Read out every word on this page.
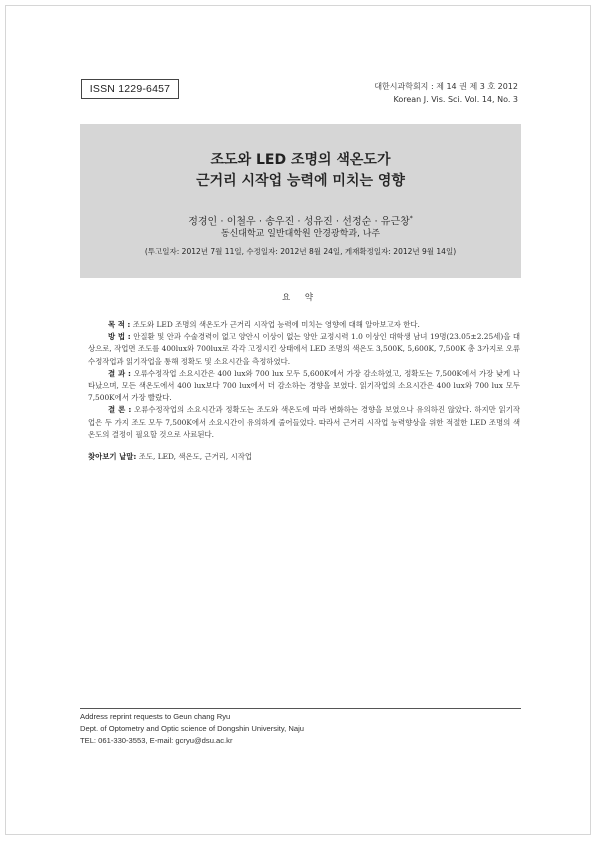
ISSN 1229-6457	대한시과학회지 : 제 14 권 제 3 호 2012
Korean J. Vis. Sci. Vol. 14, No. 3
조도와 LED 조명의 색온도가
근거리 시작업 능력에 미치는 영향
정경인 · 이철우 · 송우진 · 성유진 · 선정순 · 유근창*
동신대학교 일반대학원 안경광학과, 나주
(투고일자: 2012년 7월 11일, 수정일자: 2012년 8월 24일, 게재확정일자: 2012년 9월 14일)
요 약

목 적 : 조도와 LED 조명의 색온도가 근거리 시작업 능력에 미치는 영향에 대해 알아보고자 한다.

방 법 : 안질환 및 안과 수술경력이 없고 양안시 이상이 없는 양안 교정시력 1.0 이상인 대학생 남녀 19명(23.05±2.25세)을 대상으로, 작업면 조도를 400lux와 700lux로 각각 고정시킨 상태에서 LED 조명의 색온도 3,500K, 5,600K, 7,500K 총 3가지로 오류수정작업과 읽기작업을 통해 정확도 및 소요시간을 측정하였다.

결 과 : 오류수정작업 소요시간은 400 lux와 700 lux 모두 5,600K에서 가장 감소하였고, 정확도는 7,500K에서 가장 낮게 나타났으며, 모든 색온도에서 400 lux보다 700 lux에서 더 감소하는 경향을 보였다. 읽기작업의 소요시간은 400 lux와 700 lux 모두 7,500K에서 가장 빨랐다.

결 론 : 오류수정작업의 소요시간과 정확도는 조도와 색온도에 따라 변화하는 경향을 보였으나 유의하진 않았다. 하지만 읽기작업은 두 가지 조도 모두 7,500K에서 소요시간이 유의하게 줄어들었다. 따라서 근거리 시작업 능력향상을 위한 적절한 LED 조명의 색온도의 결정이 필요할 것으로 사료된다.

찾아보기 낱말: 조도, LED, 색온도, 근거리, 시작업
Address reprint requests to Geun chang Ryu
Dept. of Optometry and Optic science of Dongshin University, Naju
TEL: 061-330-3553, E-mail: gcryu@dsu.ac.kr
